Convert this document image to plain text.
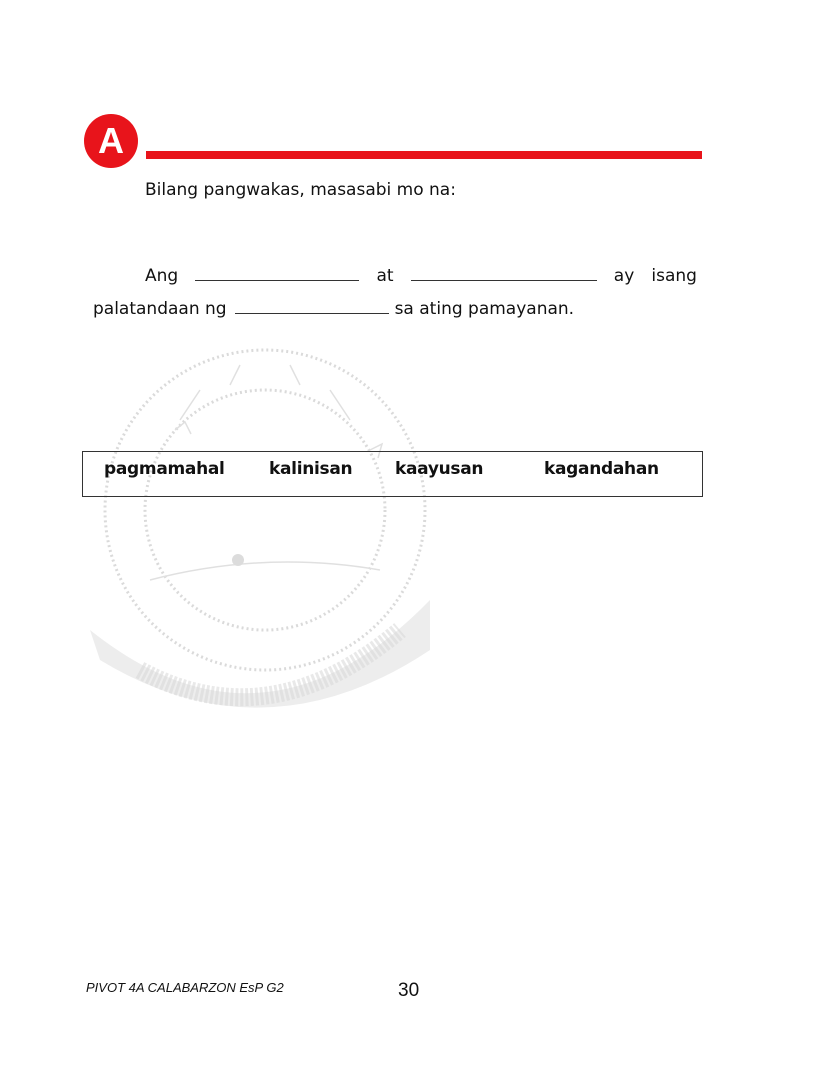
A
Bilang pangwakas, masasabi mo na:
Ang	at	ay isang
palatandaan ng	sa ating pamayanan.
pagmamahal	kalinisan	kaayusan	kagandahan
PIVOT 4A CALABARZON EsP G2	30
